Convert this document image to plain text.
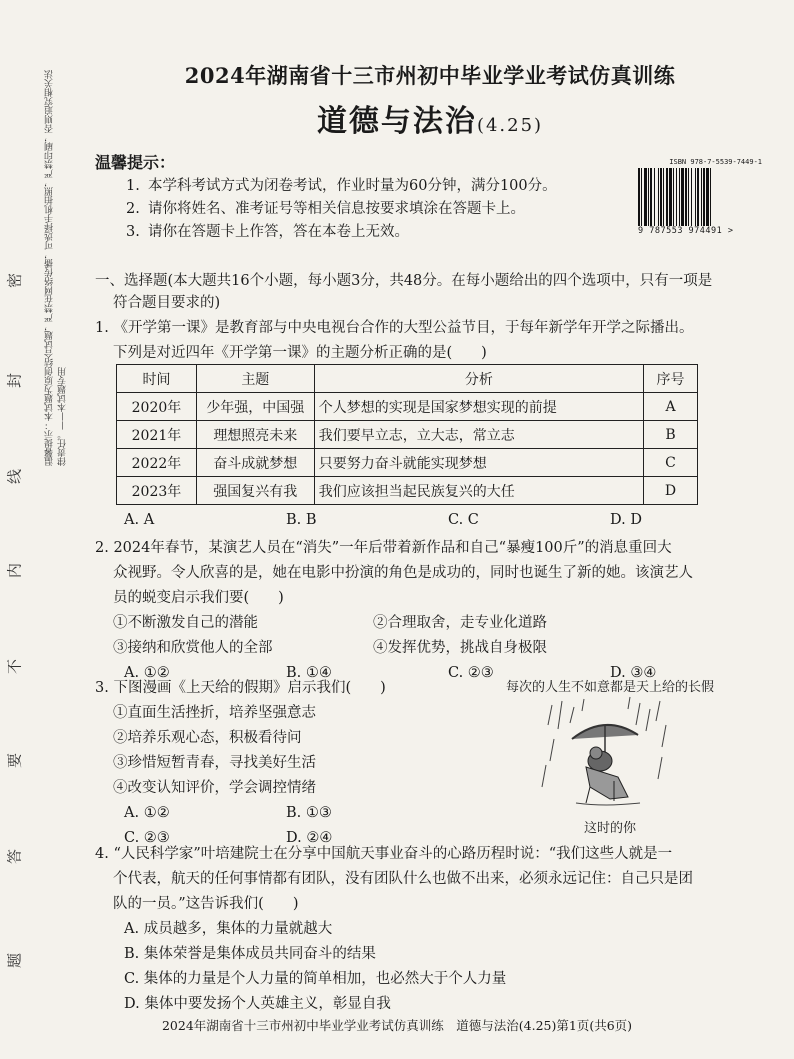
温馨提示：本试题为原创结合试题，严禁在网络传播，可选择手机拍照，严禁印刷，否则追究相关法律责任。——本试题专用
密
封
线
内
不
要
答
题
2024年湖南省十三市州初中毕业学业考试仿真训练
道德与法治(4.25)
ISBN 978-7-5539-7449-1
9 787553 974491 >
温馨提示：
1. 本学科考试方式为闭卷考试，作业时量为60分钟，满分100分。
2. 请你将姓名、准考证号等相关信息按要求填涂在答题卡上。
3. 请你在答题卡上作答，答在本卷上无效。
一、选择题(本大题共16个小题，每小题3分，共48分。在每小题给出的四个选项中，只有一项是
符合题目要求的)
1. 《开学第一课》是教育部与中央电视台合作的大型公益节目，于每年新学年开学之际播出。
下列是对近四年《开学第一课》的主题分析正确的是(　　)
时间	主题	分析	序号
2020年	少年强，中国强	个人梦想的实现是国家梦想实现的前提	A
2021年	理想照亮未来	我们要早立志，立大志，常立志	B
2022年	奋斗成就梦想	只要努力奋斗就能实现梦想	C
2023年	强国复兴有我	我们应该担当起民族复兴的大任	D
A. A	B. B	C. C	D. D
2. 2024年春节，某演艺人员在“消失”一年后带着新作品和自己“暴瘦100斤”的消息重回大
众视野。令人欣喜的是，她在电影中扮演的角色是成功的，同时也诞生了新的她。该演艺人
员的蜕变启示我们要(　　)
①不断激发自己的潜能	②合理取舍，走专业化道路
③接纳和欣赏他人的全部	④发挥优势，挑战自身极限
A. ①②	B. ①④	C. ②③	D. ③④
3. 下图漫画《上天给的假期》启示我们(　　)
①直面生活挫折，培养坚强意志
②培养乐观心态，积极看待问
③珍惜短暂青春，寻找美好生活
④改变认知评价，学会调控情绪
A. ①②	B. ①③
C. ②③	D. ②④
每次的人生不如意都是天上给的长假
这时的你
4. “人民科学家”叶培建院士在分享中国航天事业奋斗的心路历程时说：“我们这些人就是一
个代表，航天的任何事情都有团队，没有团队什么也做不出来，必须永远记住：自己只是团
队的一员。”这告诉我们(　　)
A. 成员越多，集体的力量就越大
B. 集体荣誉是集体成员共同奋斗的结果
C. 集体的力量是个人力量的简单相加，也必然大于个人力量
D. 集体中要发扬个人英雄主义，彰显自我
2024年湖南省十三市州初中毕业学业考试仿真训练　道德与法治(4.25)第1页(共6页)
